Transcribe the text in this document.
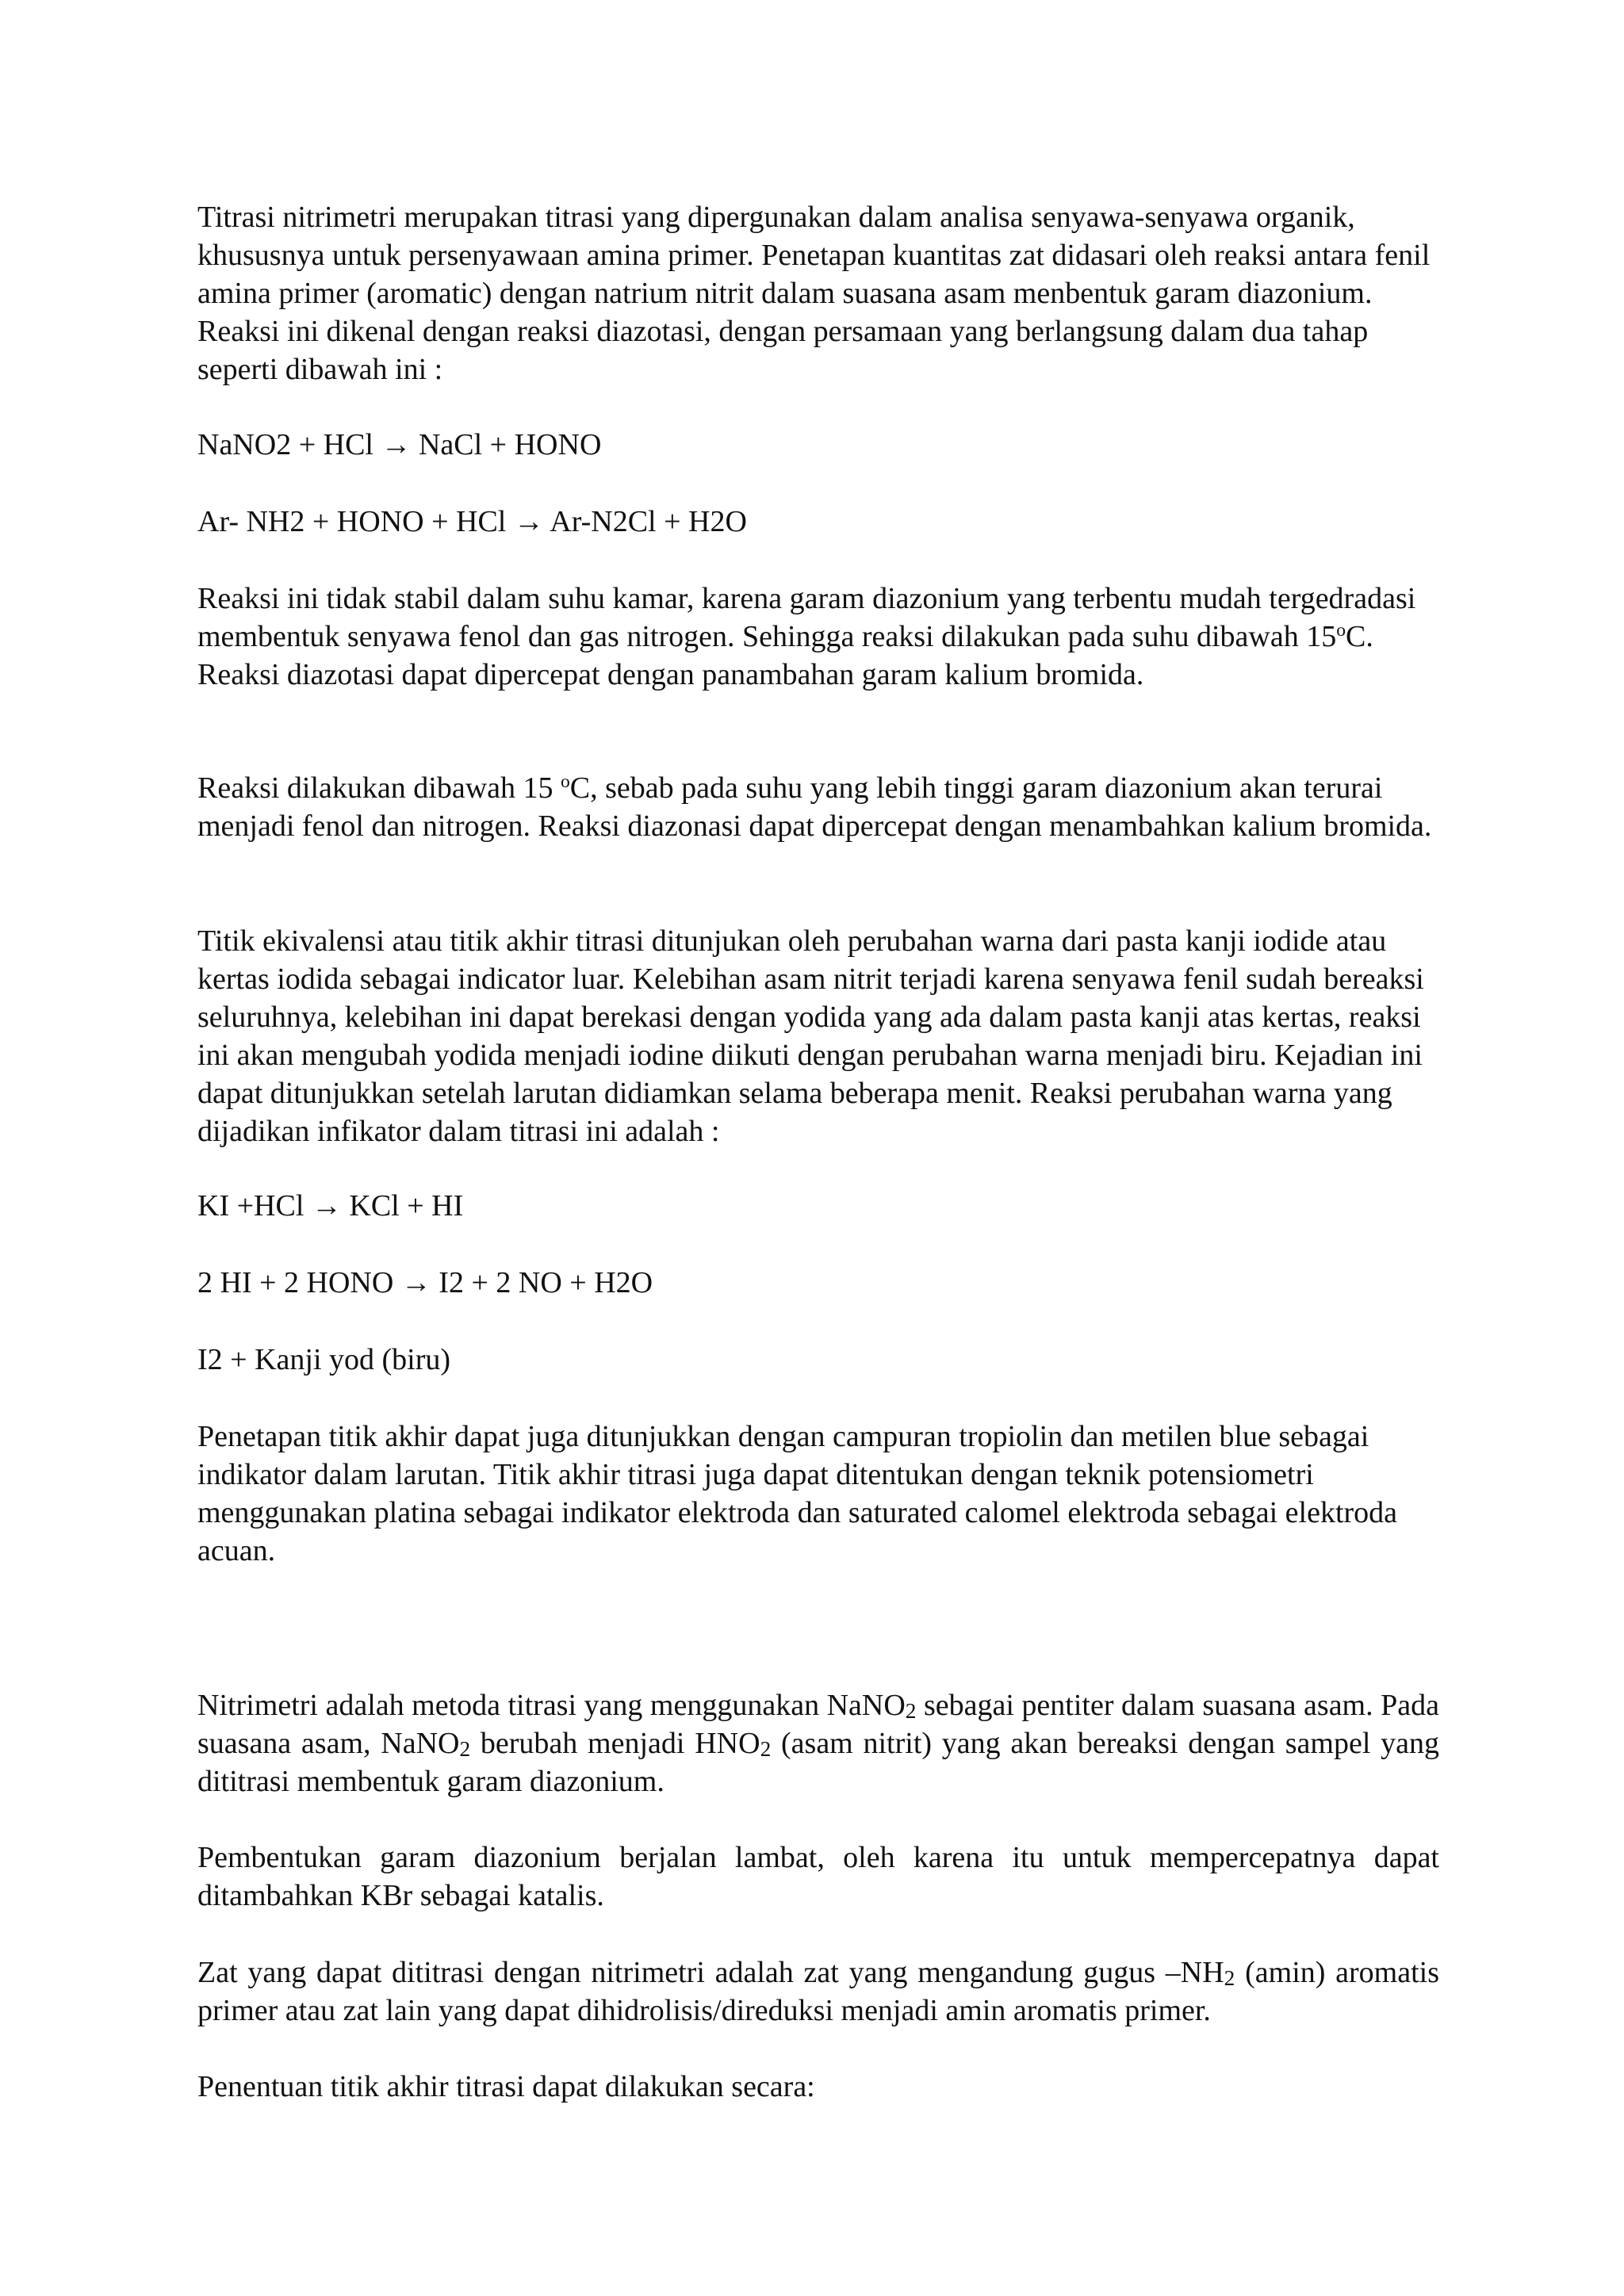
Titrasi nitrimetri merupakan titrasi yang dipergunakan dalam analisa senyawa-senyawa organik, khususnya untuk persenyawaan amina primer. Penetapan kuantitas zat didasari oleh reaksi antara fenil amina primer (aromatic) dengan natrium nitrit dalam suasana asam menbentuk garam diazonium. Reaksi ini dikenal dengan reaksi diazotasi, dengan persamaan yang berlangsung dalam dua tahap seperti dibawah ini :

NaNO2 + HCl → NaCl + HONO

Ar- NH2 + HONO + HCl → Ar-N2Cl + H2O

Reaksi ini tidak stabil dalam suhu kamar, karena garam diazonium yang terbentu mudah tergedradasi membentuk senyawa fenol dan gas nitrogen. Sehingga reaksi dilakukan pada suhu dibawah 15$^o$C. Reaksi diazotasi dapat dipercepat dengan panambahan garam kalium bromida.

Reaksi dilakukan dibawah 15 $^o$C, sebab pada suhu yang lebih tinggi garam diazonium akan terurai menjadi fenol dan nitrogen. Reaksi diazonasi dapat dipercepat dengan menambahkan kalium bromida.

Titik ekivalensi atau titik akhir titrasi ditunjukan oleh perubahan warna dari pasta kanji iodide atau kertas iodida sebagai indicator luar. Kelebihan asam nitrit terjadi karena senyawa fenil sudah bereaksi seluruhnya, kelebihan ini dapat berekasi dengan yodida yang ada dalam pasta kanji atas kertas, reaksi ini akan mengubah yodida menjadi iodine diikuti dengan perubahan warna menjadi biru. Kejadian ini dapat ditunjukkan setelah larutan didiamkan selama beberapa menit. Reaksi perubahan warna yang dijadikan infikator dalam titrasi ini adalah :

KI +HCl → KCl + HI

2 HI + 2 HONO → I2 + 2 NO + H2O

I2 + Kanji yod (biru)

Penetapan titik akhir dapat juga ditunjukkan dengan campuran tropiolin dan metilen blue sebagai indikator dalam larutan. Titik akhir titrasi juga dapat ditentukan dengan teknik potensiometri menggunakan platina sebagai indikator elektroda dan saturated calomel elektroda sebagai elektroda acuan.

Nitrimetri adalah metoda titrasi yang menggunakan NaNO$_2$ sebagai pentiter dalam suasana asam. Pada suasana asam, NaNO$_2$ berubah menjadi $HNO_2$ (asam nitrit) yang akan bereaksi dengan sampel yang dititrasi membentuk garam diazonium.

Pembentukan garam diazonium berjalan lambat, oleh karena itu untuk mempercepatnya dapat ditambahkan KBr sebagai katalis.

Zat yang dapat dititrasi dengan nitrimetri adalah zat yang mengandung gugus $-NH_2$ (amin) aromatis primer atau zat lain yang dapat dihidrolisis/direduksi menjadi amin aromatis primer.

Penentuan titik akhir titrasi dapat dilakukan secara:
